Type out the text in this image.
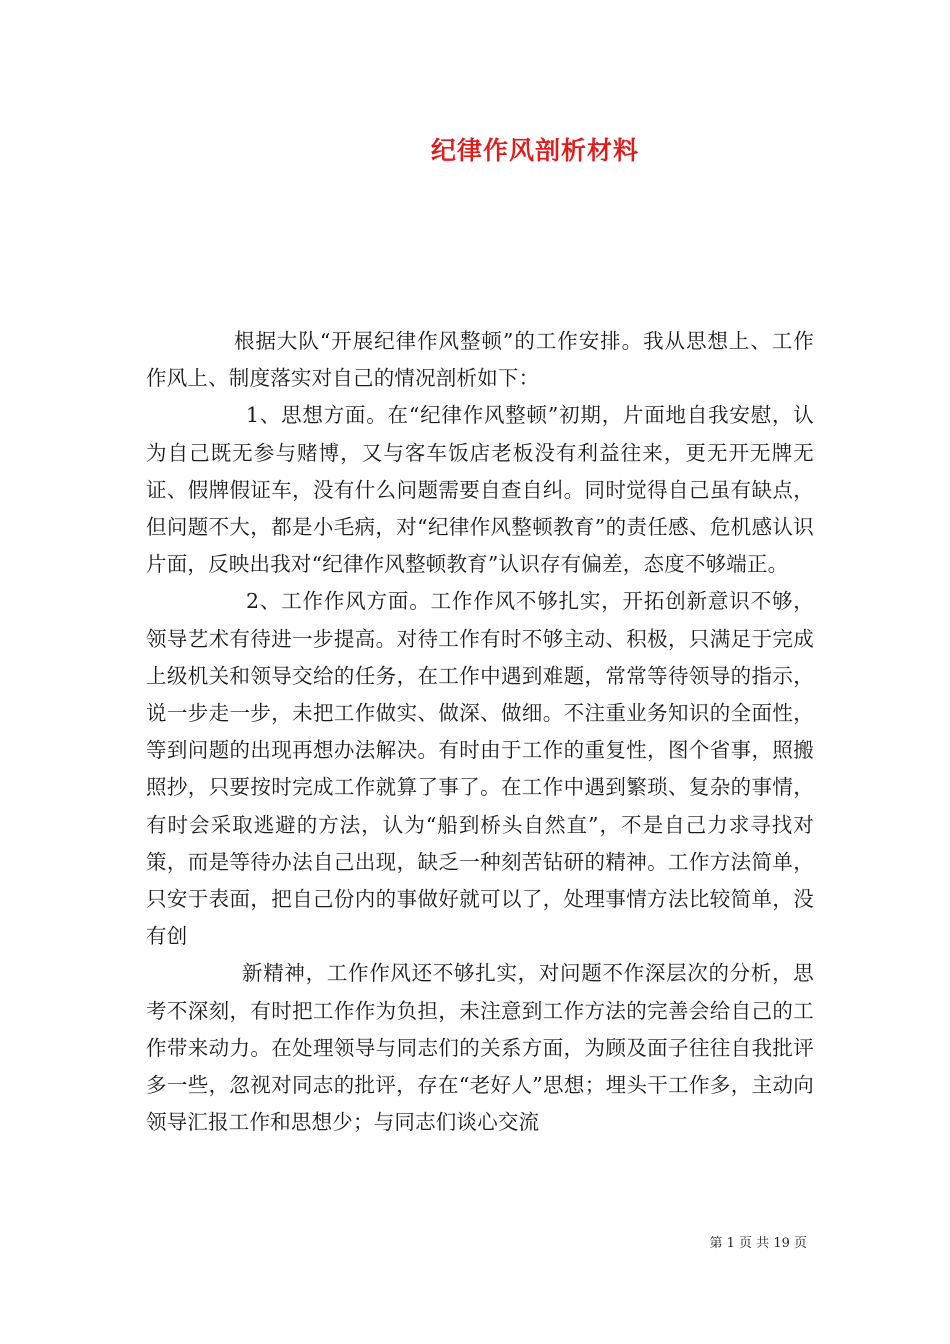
纪律作风剖析材料

根据大队“开展纪律作风整顿”的工作安排。我从思想上、工作作风上、制度落实对自己的情况剖析如下：

1、思想方面。在“纪律作风整顿”初期，片面地自我安慰，认为自己既无参与赌博，又与客车饭店老板没有利益往来，更无开无牌无证、假牌假证车，没有什么问题需要自查自纠。同时觉得自己虽有缺点，但问题不大，都是小毛病，对“纪律作风整顿教育”的责任感、危机感认识片面，反映出我对“纪律作风整顿教育”认识存有偏差，态度不够端正。

2、工作作风方面。工作作风不够扎实，开拓创新意识不够，领导艺术有待进一步提高。对待工作有时不够主动、积极，只满足于完成上级机关和领导交给的任务，在工作中遇到难题，常常等待领导的指示，说一步走一步，未把工作做实、做深、做细。不注重业务知识的全面性，等到问题的出现再想办法解决。有时由于工作的重复性，图个省事，照搬照抄，只要按时完成工作就算了事了。在工作中遇到繁琐、复杂的事情，有时会采取逃避的方法，认为“船到桥头自然直”，不是自己力求寻找对策，而是等待办法自己出现，缺乏一种刻苦钻研的精神。工作方法简单，只安于表面，把自己份内的事做好就可以了，处理事情方法比较简单，没有创

新精神，工作作风还不够扎实，对问题不作深层次的分析，思考不深刻，有时把工作作为负担，未注意到工作方法的完善会给自己的工作带来动力。在处理领导与同志们的关系方面，为顾及面子往往自我批评多一些，忽视对同志的批评，存在“老好人”思想；埋头干工作多，主动向领导汇报工作和思想少；与同志们谈心交流

第 1 页 共 19 页
